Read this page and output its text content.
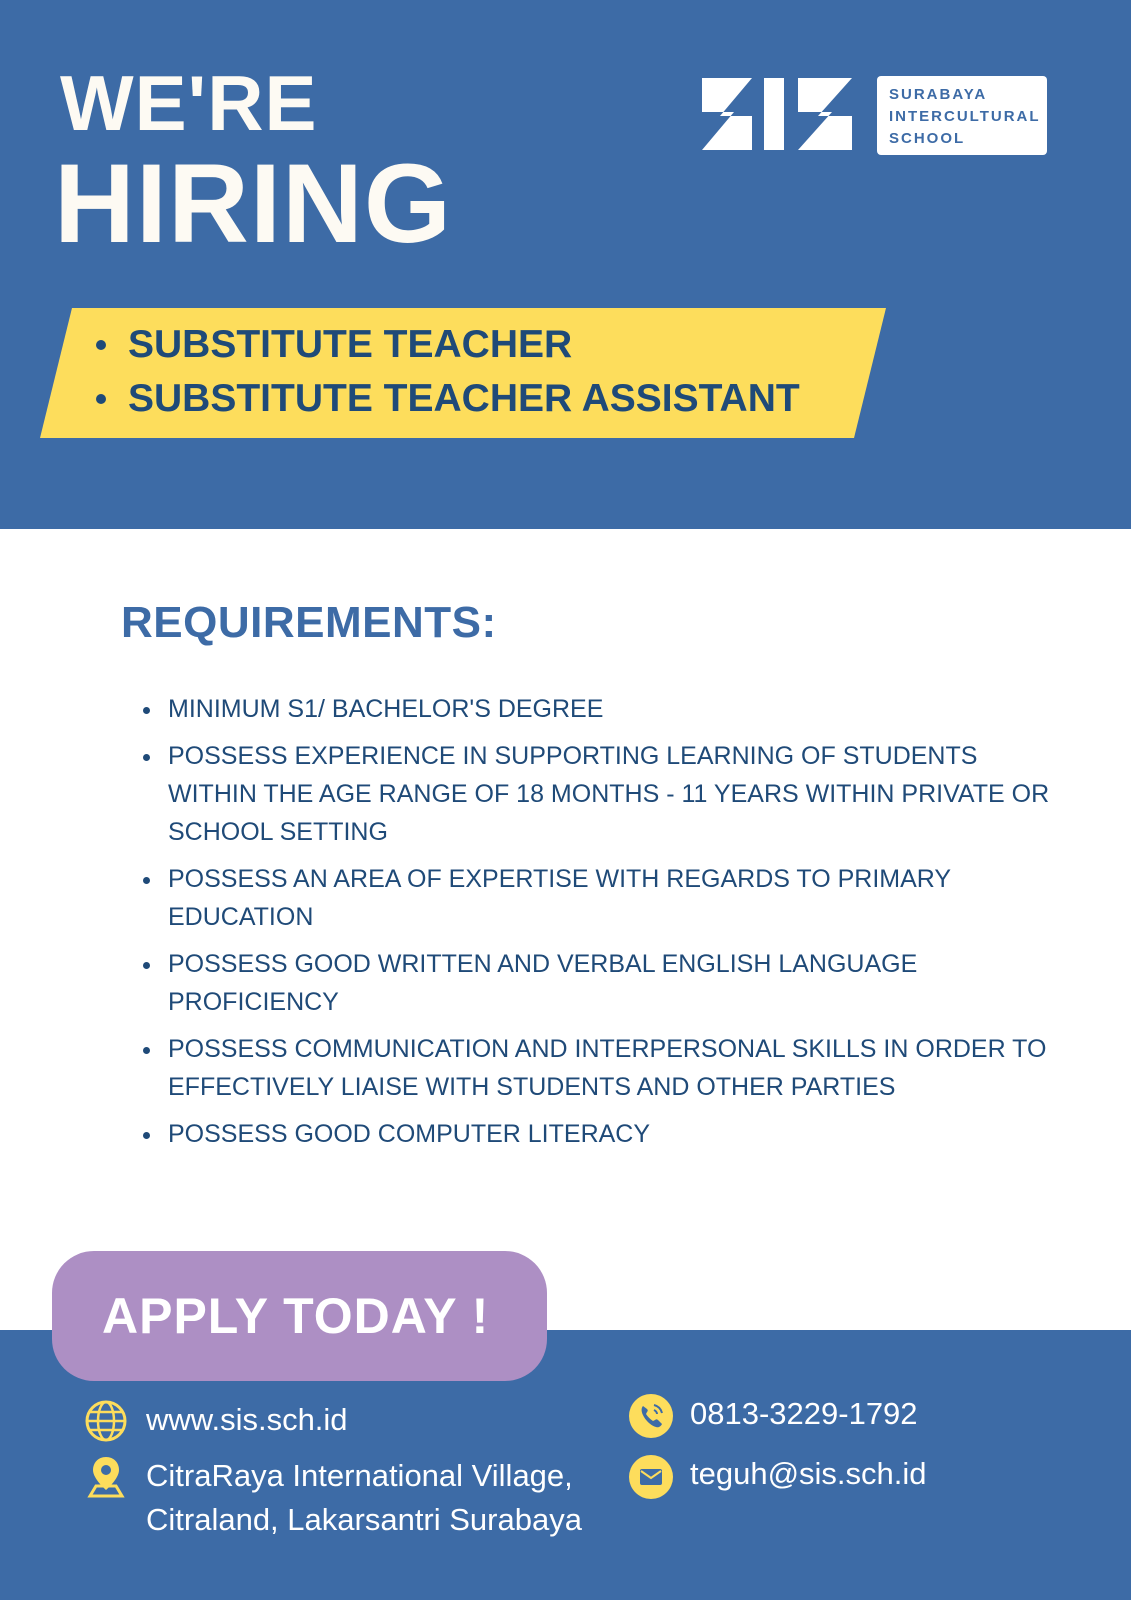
WE'RE
HIRING
SURABAYA
INTERCULTURAL
SCHOOL
SUBSTITUTE TEACHER
SUBSTITUTE TEACHER ASSISTANT
REQUIREMENTS:
MINIMUM S1/ BACHELOR'S DEGREE
POSSESS EXPERIENCE IN SUPPORTING LEARNING OF STUDENTS WITHIN THE AGE RANGE OF 18 MONTHS - 11 YEARS WITHIN PRIVATE OR SCHOOL SETTING
POSSESS AN AREA OF EXPERTISE WITH REGARDS TO PRIMARY EDUCATION
POSSESS GOOD WRITTEN AND VERBAL ENGLISH LANGUAGE PROFICIENCY
POSSESS COMMUNICATION AND INTERPERSONAL SKILLS IN ORDER TO EFFECTIVELY LIAISE WITH STUDENTS AND OTHER PARTIES
POSSESS GOOD COMPUTER LITERACY
APPLY TODAY !
www.sis.sch.id
CitraRaya International Village, Citraland, Lakarsantri Surabaya
0813-3229-1792
teguh@sis.sch.id
